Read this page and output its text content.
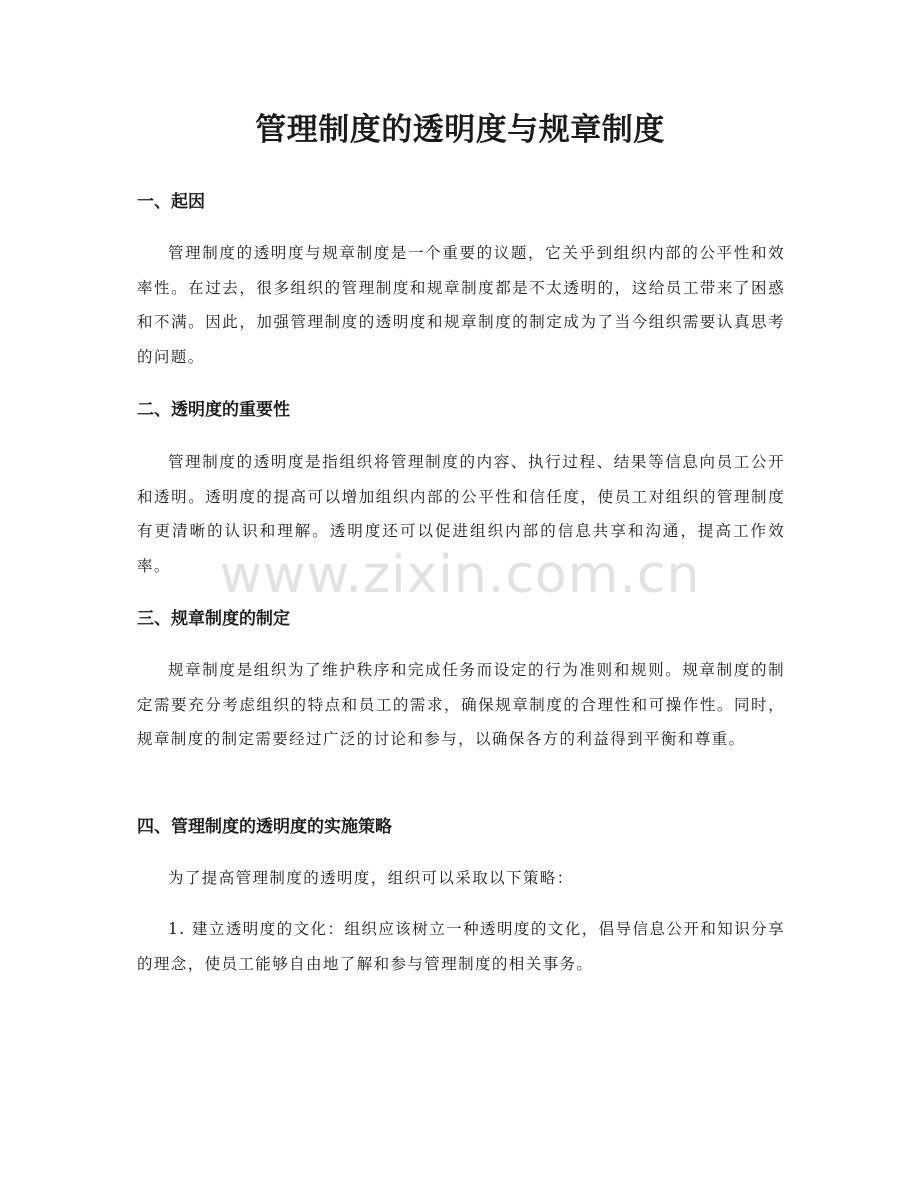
管理制度的透明度与规章制度
一、起因

管理制度的透明度与规章制度是一个重要的议题，它关乎到组织内部的公平性和效率性。在过去，很多组织的管理制度和规章制度都是不太透明的，这给员工带来了困惑和不满。因此，加强管理制度的透明度和规章制度的制定成为了当今组织需要认真思考的问题。

二、透明度的重要性

管理制度的透明度是指组织将管理制度的内容、执行过程、结果等信息向员工公开和透明。透明度的提高可以增加组织内部的公平性和信任度，使员工对组织的管理制度有更清晰的认识和理解。透明度还可以促进组织内部的信息共享和沟通，提高工作效率。

三、规章制度的制定

规章制度是组织为了维护秩序和完成任务而设定的行为准则和规则。规章制度的制定需要充分考虑组织的特点和员工的需求，确保规章制度的合理性和可操作性。同时，规章制度的制定需要经过广泛的讨论和参与，以确保各方的利益得到平衡和尊重。

四、管理制度的透明度的实施策略

为了提高管理制度的透明度，组织可以采取以下策略：

1. 建立透明度的文化：组织应该树立一种透明度的文化，倡导信息公开和知识分享的理念，使员工能够自由地了解和参与管理制度的相关事务。

www.zixin.com.cn
